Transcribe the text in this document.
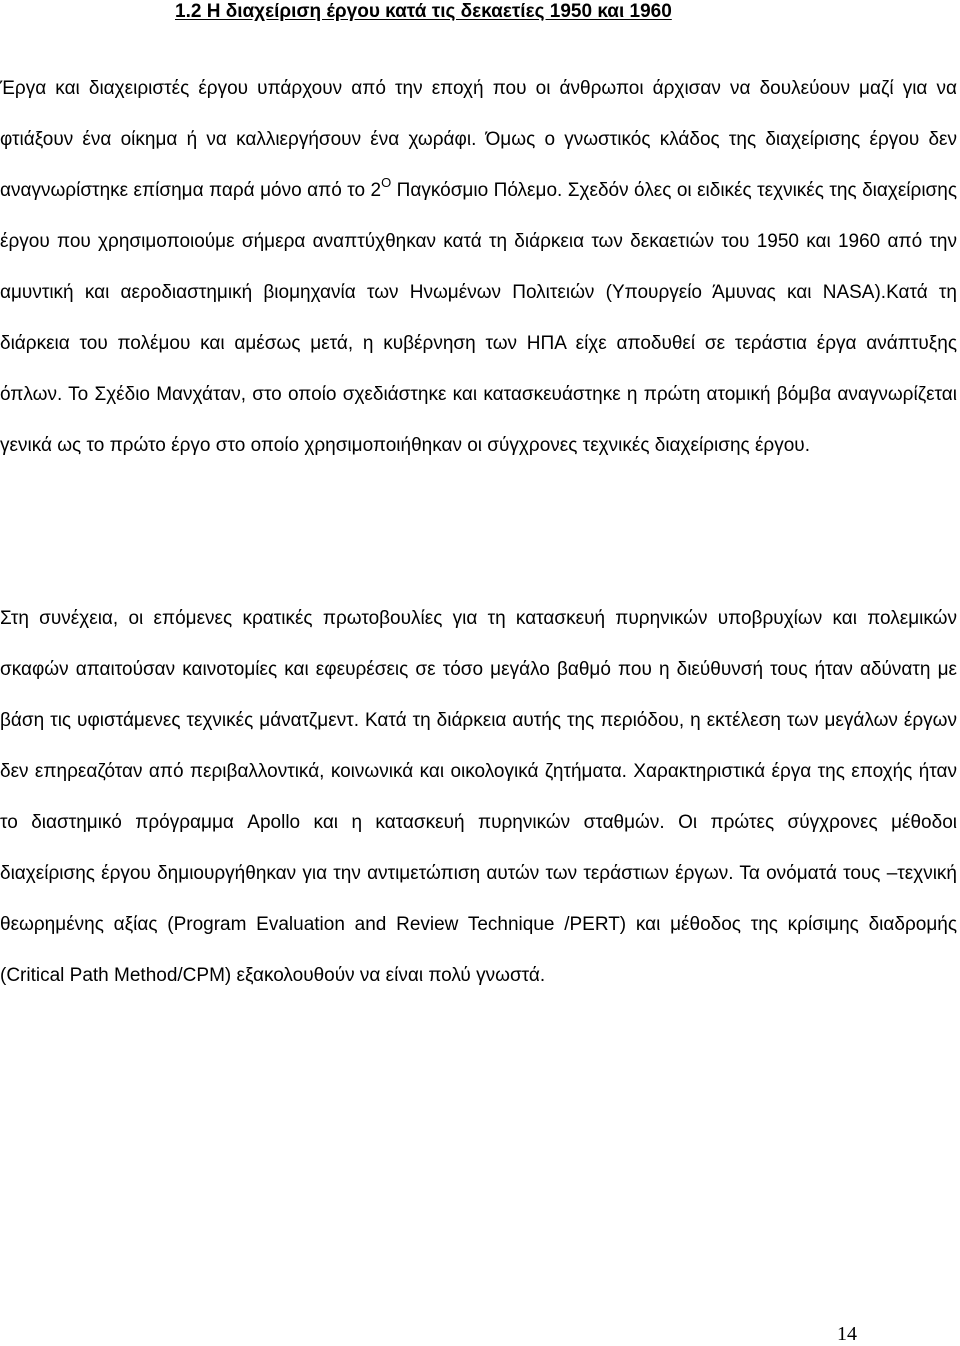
1.2 Η διαχείριση έργου κατά τις δεκαετίες 1950 και 1960

Έργα και διαχειριστές έργου υπάρχουν από την εποχή που οι άνθρωποι άρχισαν να δουλεύουν μαζί για να φτιάξουν ένα οίκημα ή να καλλιεργήσουν ένα χωράφι. Όμως ο γνωστικός κλάδος της διαχείρισης έργου δεν αναγνωρίστηκε επίσημα παρά μόνο από το $2^O$ Παγκόσμιο Πόλεμο. Σχεδόν όλες οι ειδικές τεχνικές της διαχείρισης έργου που χρησιμοποιούμε σήμερα αναπτύχθηκαν κατά τη διάρκεια των δεκαετιών του 1950 και 1960 από την αμυντική και αεροδιαστημική βιομηχανία των Ηνωμένων Πολιτειών (Υπουργείο Άμυνας και NASA).Κατά τη διάρκεια του πολέμου και αμέσως μετά, η κυβέρνηση των ΗΠΑ είχε αποδυθεί σε τεράστια έργα ανάπτυξης όπλων. Το Σχέδιο Μανχάταν, στο οποίο σχεδιάστηκε και κατασκευάστηκε η πρώτη ατομική βόμβα αναγνωρίζεται γενικά ως το πρώτο έργο στο οποίο χρησιμοποιήθηκαν οι σύγχρονες τεχνικές διαχείρισης έργου.

Στη συνέχεια, οι επόμενες κρατικές πρωτοβουλίες για τη κατασκευή πυρηνικών υποβρυχίων και πολεμικών σκαφών απαιτούσαν καινοτομίες και εφευρέσεις σε τόσο μεγάλο βαθμό που η διεύθυνσή τους ήταν αδύνατη με βάση τις υφιστάμενες τεχνικές μάνατζμεντ. Κατά τη διάρκεια αυτής της περιόδου, η εκτέλεση των μεγάλων έργων δεν επηρεαζόταν από περιβαλλοντικά, κοινωνικά και οικολογικά ζητήματα. Χαρακτηριστικά έργα της εποχής ήταν το διαστημικό πρόγραμμα Apollo και η κατασκευή πυρηνικών σταθμών. Οι πρώτες σύγχρονες μέθοδοι διαχείρισης έργου δημιουργήθηκαν για την αντιμετώπιση αυτών των τεράστιων έργων. Τα ονόματά τους –τεχνική θεωρημένης αξίας (Program Evaluation and Review Technique /PERT) και μέθοδος της κρίσιμης διαδρομής (Critical Path Method/CPM) εξακολουθούν να είναι πολύ γνωστά.

14
